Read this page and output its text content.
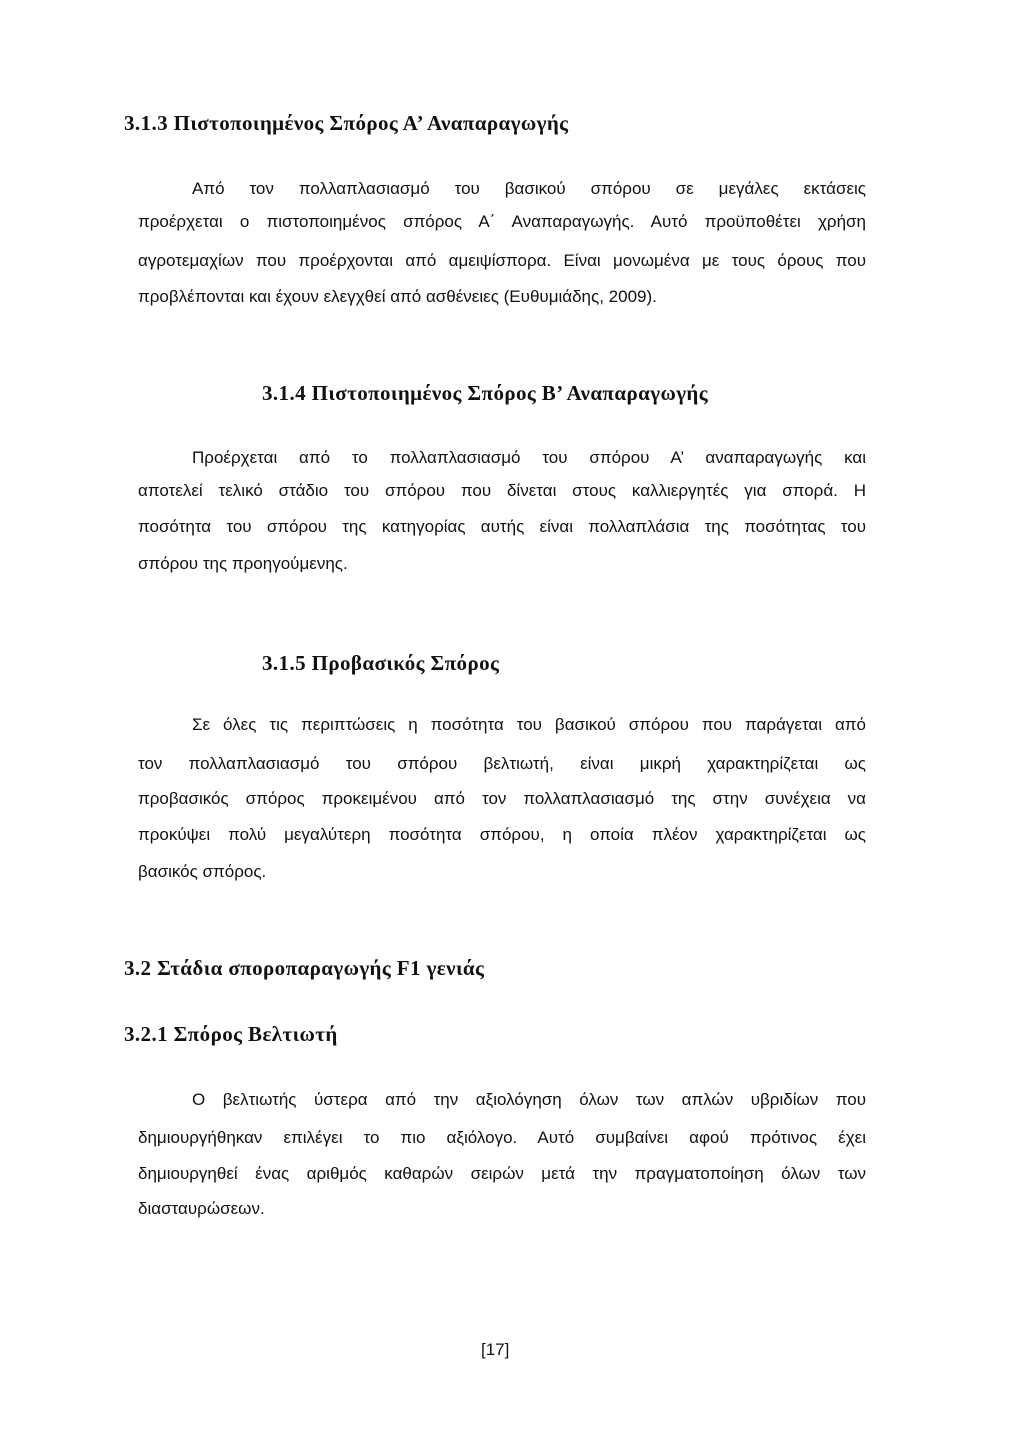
3.1.3 Πιστοποιημένος Σπόρος Α’ Αναπαραγωγής
Από τον πολλαπλασιασμό του βασικού σπόρου σε μεγάλες εκτάσεις
προέρχεται ο πιστοποιημένος σπόρος Α΄ Αναπαραγωγής. Αυτό προϋποθέτει χρήση
αγροτεμαχίων που προέρχονται από αμειψίσπορα. Είναι μονωμένα με τους όρους που
προβλέπονται και έχουν ελεγχθεί από ασθένειες (Ευθυμιάδης, 2009).
3.1.4 Πιστοποιημένος Σπόρος Β’ Αναπαραγωγής
Προέρχεται από το πολλαπλασιασμό του σπόρου Α’ αναπαραγωγής και
αποτελεί τελικό στάδιο του σπόρου που δίνεται στους καλλιεργητές για σπορά. Η
ποσότητα του σπόρου της κατηγορίας αυτής είναι πολλαπλάσια της ποσότητας του
σπόρου της προηγούμενης.
3.1.5 Προβασικός Σπόρος
Σε όλες τις περιπτώσεις η ποσότητα του βασικού σπόρου που παράγεται από
τον πολλαπλασιασμό του σπόρου βελτιωτή, είναι μικρή χαρακτηρίζεται ως
προβασικός σπόρος προκειμένου από τον πολλαπλασιασμό της στην συνέχεια να
προκύψει πολύ μεγαλύτερη ποσότητα σπόρου, η οποία πλέον χαρακτηρίζεται ως
βασικός σπόρος.
3.2 Στάδια σποροπαραγωγής F1 γενιάς
3.2.1 Σπόρος Βελτιωτή
Ο βελτιωτής ύστερα από την αξιολόγηση όλων των απλών υβριδίων που
δημιουργήθηκαν επιλέγει το πιο αξιόλογο. Αυτό συμβαίνει αφού πρότινος έχει
δημιουργηθεί ένας αριθμός καθαρών σειρών μετά την πραγματοποίηση όλων των
διασταυρώσεων.
[17]
